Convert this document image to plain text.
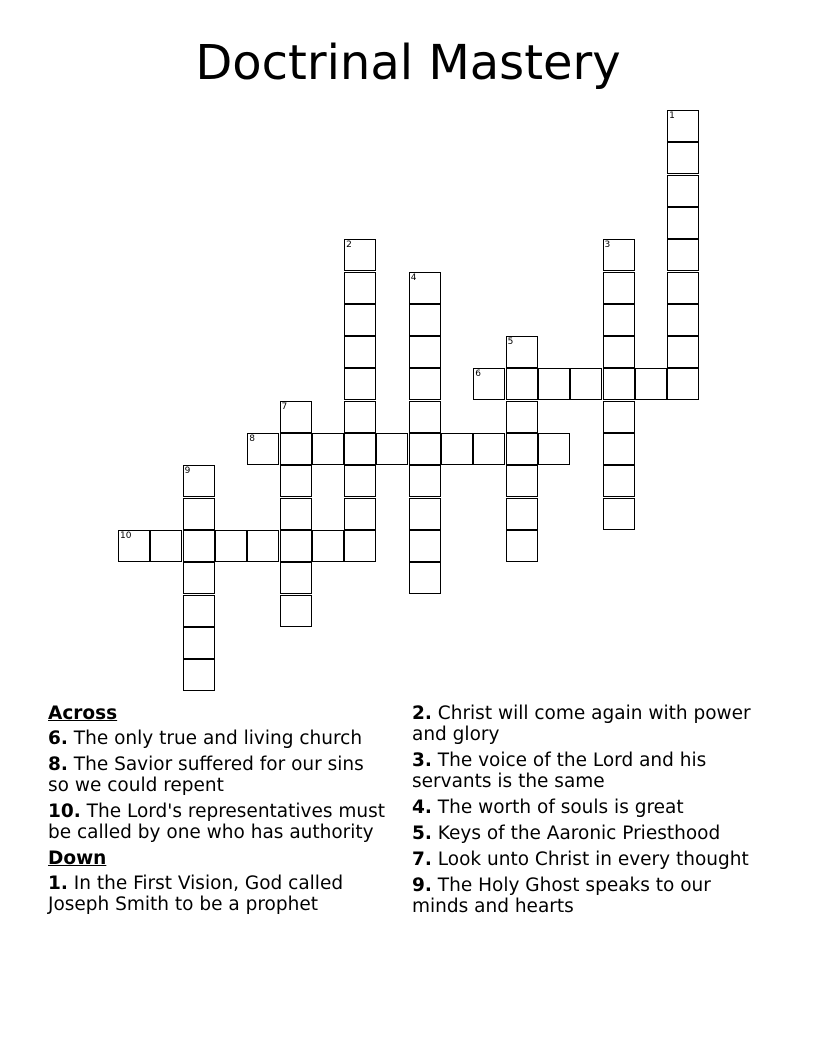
Doctrinal Mastery
1
2	3
4
5
6
7
8
9
10
Across
6. The only true and living church
8. The Savior suffered for our sins so we could repent
10. The Lord's representatives must be called by one who has authority
Down
1. In the First Vision, God called Joseph Smith to be a prophet
2. Christ will come again with power and glory
3. The voice of the Lord and his servants is the same
4. The worth of souls is great
5. Keys of the Aaronic Priesthood
7. Look unto Christ in every thought
9. The Holy Ghost speaks to our minds and hearts
